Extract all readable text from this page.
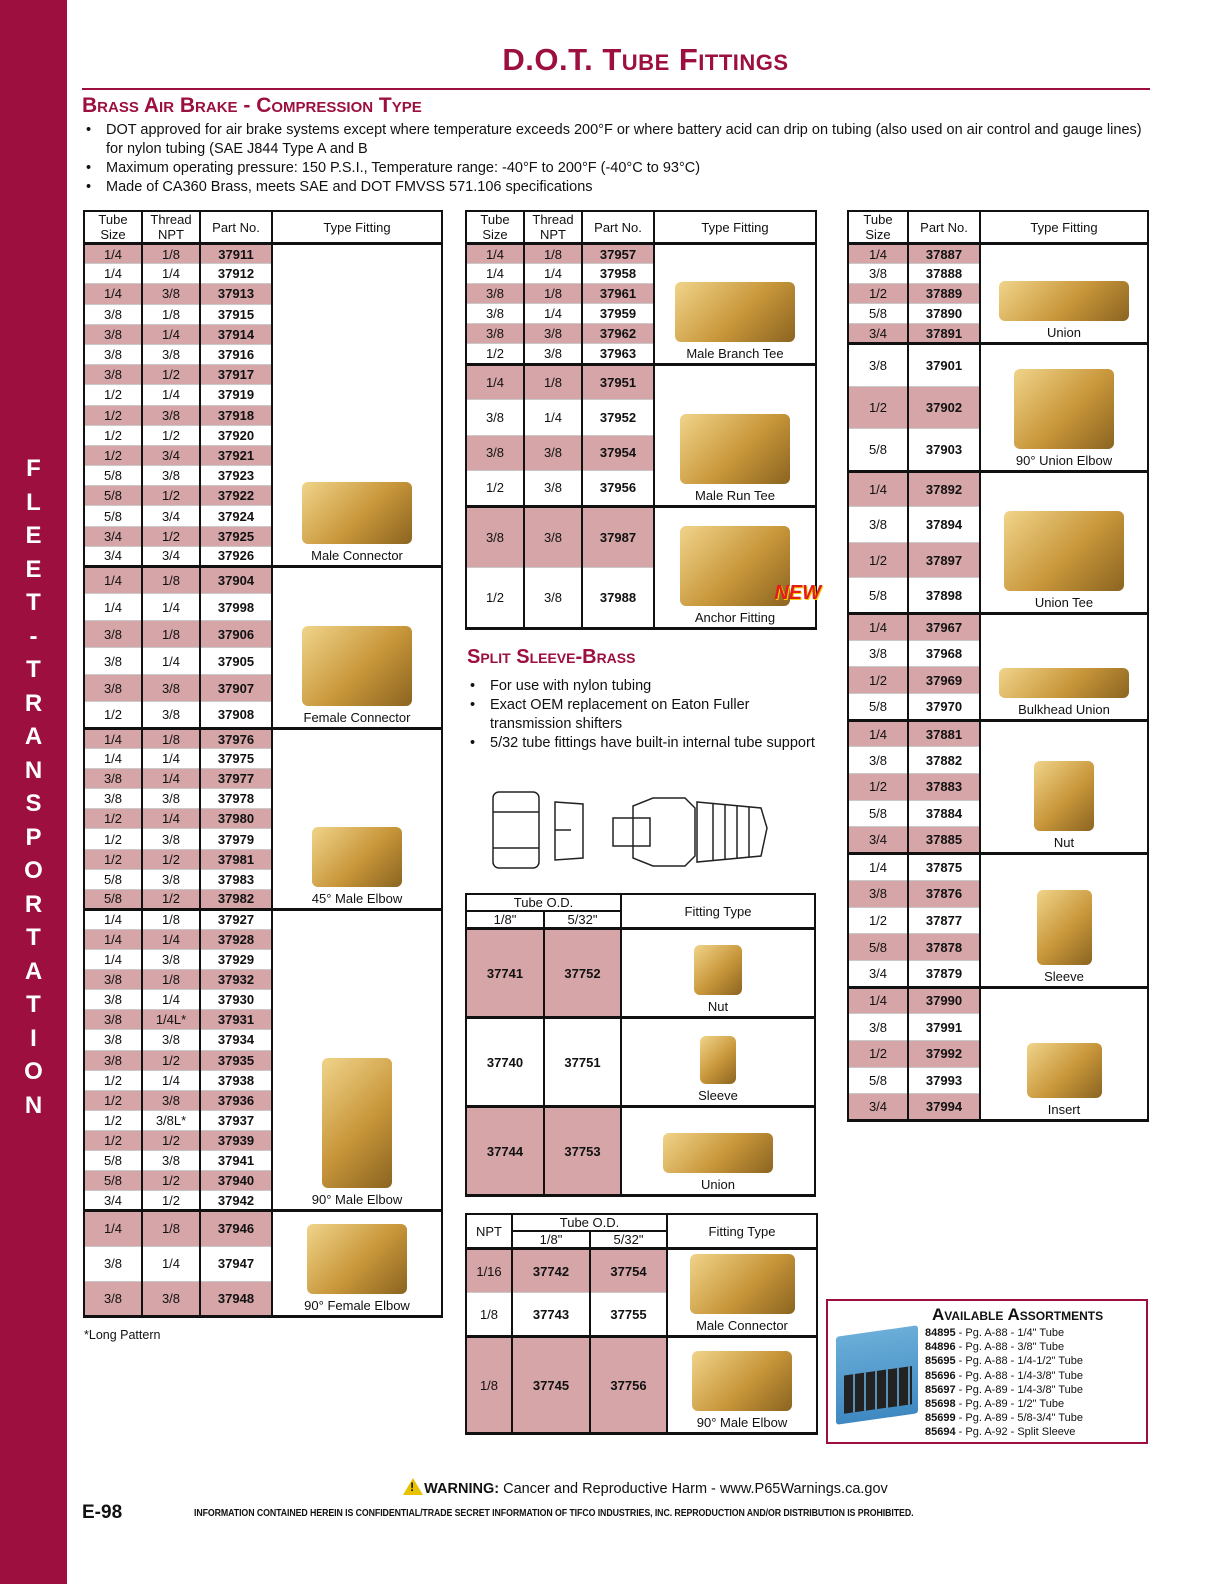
F
L
E
E
T
-
T
R
A
N
S
P
O
R
T
A
T
I
O
N
D.O.T. Tube Fittings
Brass Air Brake - Compression Type
• DOT approved for air brake systems except where temperature exceeds 200°F or where battery acid can drip on tubing (also used on air control and gauge lines) for nylon tubing (SAE J844 Type A and B
• Maximum operating pressure: 150 P.S.I., Temperature range: -40°F to 200°F (-40°C to 93°C)
• Made of CA360 Brass, meets SAE and DOT FMVSS 571.106 specifications
Tube Size	Thread NPT	Part No.	Type Fitting
1/4	1/8	37911	Male Connector
1/4	1/4	37912	
1/4	3/8	37913	
3/8	1/8	37915	
3/8	1/4	37914	
3/8	3/8	37916	
3/8	1/2	37917	
1/2	1/4	37919	
1/2	3/8	37918	
1/2	1/2	37920	
1/2	3/4	37921	
5/8	3/8	37923	
5/8	1/2	37922	
5/8	3/4	37924	
3/4	1/2	37925	
3/4	3/4	37926	
1/4	1/8	37904	Female Connector
1/4	1/4	37998	
3/8	1/8	37906	
3/8	1/4	37905	
3/8	3/8	37907	
1/2	3/8	37908	
1/4	1/8	37976	45° Male Elbow
1/4	1/4	37975	
3/8	1/4	37977	
3/8	3/8	37978	
1/2	1/4	37980	
1/2	3/8	37979	
1/2	1/2	37981	
5/8	3/8	37983	
5/8	1/2	37982	
1/4	1/8	37927	90° Male Elbow
1/4	1/4	37928	
1/4	3/8	37929	
3/8	1/8	37932	
3/8	1/4	37930	
3/8	1/4L*	37931	
3/8	3/8	37934	
3/8	1/2	37935	
1/2	1/4	37938	
1/2	3/8	37936	
1/2	3/8L*	37937	
1/2	1/2	37939	
5/8	3/8	37941	
5/8	1/2	37940	
3/4	1/2	37942	
1/4	1/8	37946	90° Female Elbow
3/8	1/4	37947	
3/8	3/8	37948	
*Long Pattern
Tube Size	Thread NPT	Part No.	Type Fitting
1/4	1/8	37957	Male Branch Tee
1/4	1/4	37958	
3/8	1/8	37961	
3/8	1/4	37959	
3/8	3/8	37962	
1/2	3/8	37963	
1/4	1/8	37951	Male Run Tee
3/8	1/4	37952	
3/8	3/8	37954	
1/2	3/8	37956	
3/8	3/8	37987	Anchor Fitting
NEW

1/2	3/8	37988	
Split Sleeve-Brass
• For use with nylon tubing
• Exact OEM replacement on Eaton Fuller transmission shifters
• 5/32 tube fittings have built-in internal tube support
Tube O.D.		Fitting Type
1/8"	5/32"	
37741	37752	Nut
37740	37751	Sleeve
37744	37753	Union
NPT	Tube O.D.		Fitting Type
	1/8"	5/32"	
1/16	37742	37754	Male Connector
1/8	37743	37755	
1/8	37745	37756	90° Male Elbow
Tube Size	Part No.	Type Fitting
1/4	37887	Union
3/8	37888	
1/2	37889	
5/8	37890	
3/4	37891	
3/8	37901	90° Union Elbow
1/2	37902	
5/8	37903	
1/4	37892	Union Tee
3/8	37894	
1/2	37897	
5/8	37898	
1/4	37967	Bulkhead Union
3/8	37968	
1/2	37969	
5/8	37970	
1/4	37881	Nut
3/8	37882	
1/2	37883	
5/8	37884	
3/4	37885	
1/4	37875	Sleeve
3/8	37876	
1/2	37877	
5/8	37878	
3/4	37879	
1/4	37990	Insert
3/8	37991	
1/2	37992	
5/8	37993	
3/4	37994	
Available Assortments
84895 - Pg. A-88 - 1/4" Tube
84896 - Pg. A-88 - 3/8" Tube
85695 - Pg. A-88 - 1/4-1/2" Tube
85696 - Pg. A-88 - 1/4-3/8" Tube
85697 - Pg. A-89 - 1/4-3/8" Tube
85698 - Pg. A-89 - 1/2" Tube
85699 - Pg. A-89 - 5/8-3/4" Tube
85694 - Pg. A-92 - Split Sleeve
!WARNING: Cancer and Reproductive Harm - www.P65Warnings.ca.gov
E-98	INFORMATION CONTAINED HEREIN IS CONFIDENTIAL/TRADE SECRET INFORMATION OF TIFCO INDUSTRIES, INC. REPRODUCTION AND/OR DISTRIBUTION IS PROHIBITED.
